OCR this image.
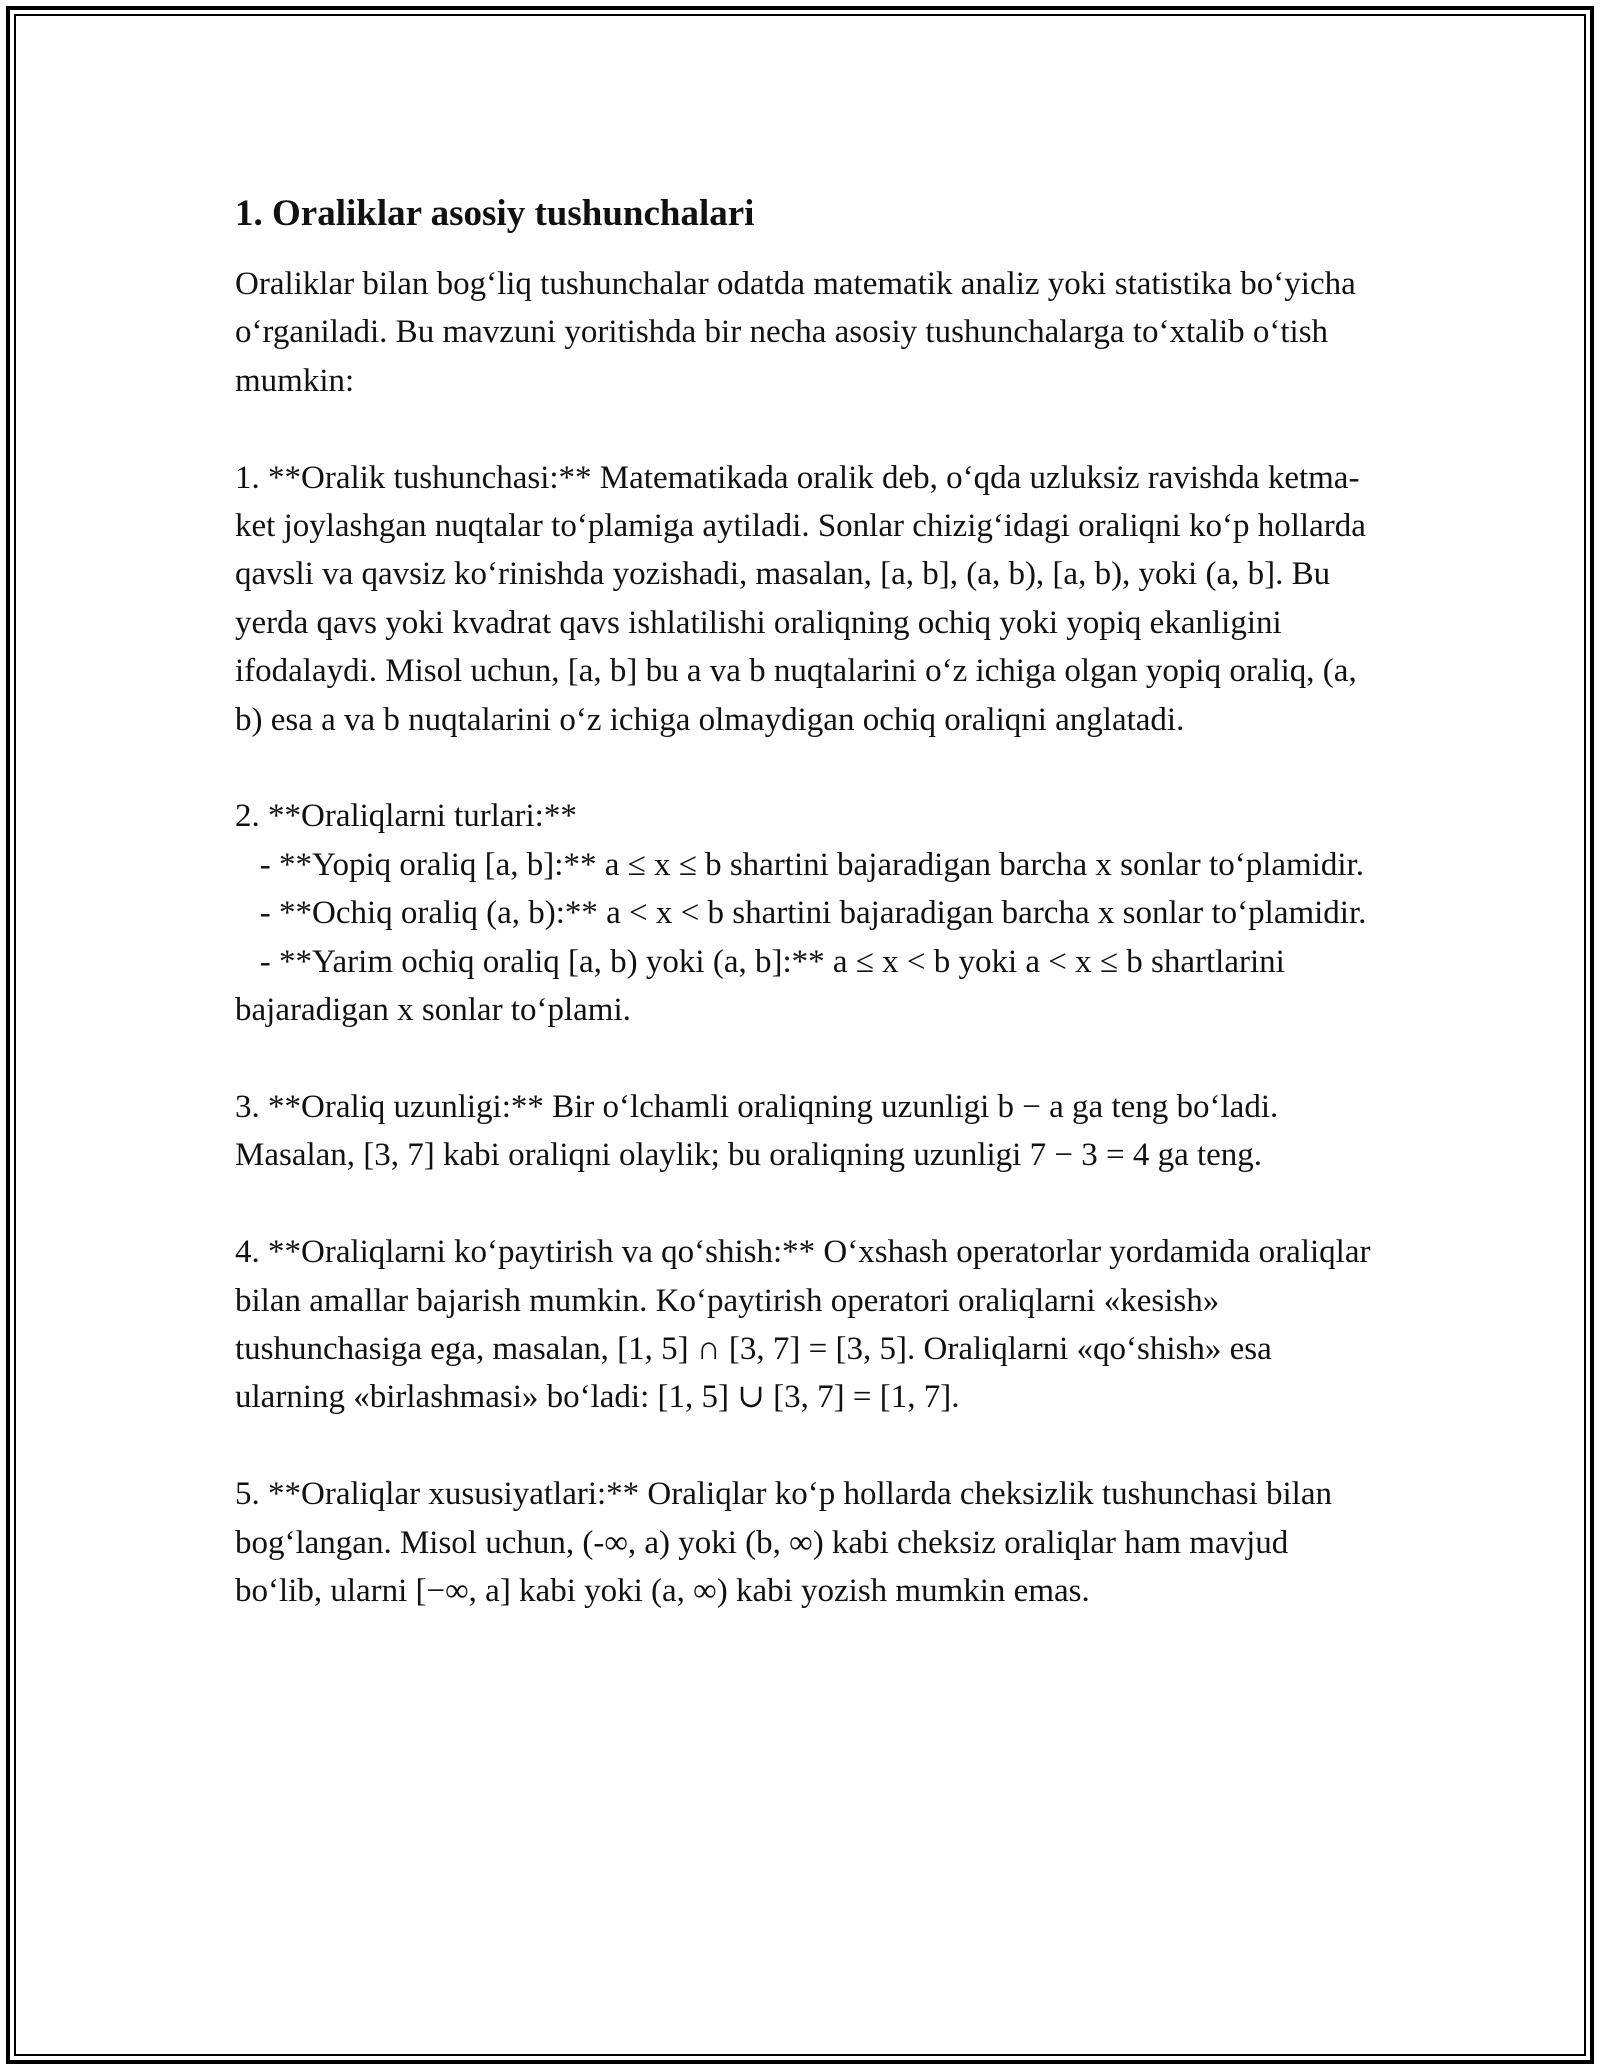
1. Oraliklar asosiy tushunchalari

Oraliklar bilan bog‘liq tushunchalar odatda matematik analiz yoki statistika bo‘yicha o‘rganiladi. Bu mavzuni yoritishda bir necha asosiy tushunchalarga to‘xtalib o‘tish mumkin:

1. **Oralik tushunchasi:** Matematikada oralik deb, o‘qda uzluksiz ravishda ketma-ket joylashgan nuqtalar to‘plamiga aytiladi. Sonlar chizig‘idagi oraliqni ko‘p hollarda qavsli va qavsiz ko‘rinishda yozishadi, masalan, [a, b], (a, b), [a, b), yoki (a, b]. Bu yerda qavs yoki kvadrat qavs ishlatilishi oraliqning ochiq yoki yopiq ekanligini ifodalaydi. Misol uchun, [a, b] bu a va b nuqtalarini o‘z ichiga olgan yopiq oraliq, (a, b) esa a va b nuqtalarini o‘z ichiga olmaydigan ochiq oraliqni anglatadi.

2. **Oraliqlarni turlari:**
- **Yopiq oraliq [a, b]:** a ≤ x ≤ b shartini bajaradigan barcha x sonlar to‘plamidir.
- **Ochiq oraliq (a, b):** a < x < b shartini bajaradigan barcha x sonlar to‘plamidir.
- **Yarim ochiq oraliq [a, b) yoki (a, b]:** a ≤ x < b yoki a < x ≤ b shartlarini bajaradigan x sonlar to‘plami.

3. **Oraliq uzunligi:** Bir o‘lchamli oraliqning uzunligi b − a ga teng bo‘ladi. Masalan, [3, 7] kabi oraliqni olaylik; bu oraliqning uzunligi 7 − 3 = 4 ga teng.

4. **Oraliqlarni ko‘paytirish va qo‘shish:** O‘xshash operatorlar yordamida oraliqlar bilan amallar bajarish mumkin. Ko‘paytirish operatori oraliqlarni «kesish» tushunchasiga ega, masalan, [1, 5] ∩ [3, 7] = [3, 5]. Oraliqlarni «qo‘shish» esa ularning «birlashmasi» bo‘ladi: [1, 5] ∪ [3, 7] = [1, 7].

5. **Oraliqlar xususiyatlari:** Oraliqlar ko‘p hollarda cheksizlik tushunchasi bilan bog‘langan. Misol uchun, (-∞, a) yoki (b, ∞) kabi cheksiz oraliqlar ham mavjud bo‘lib, ularni [−∞, a] kabi yoki (a, ∞) kabi yozish mumkin emas.
